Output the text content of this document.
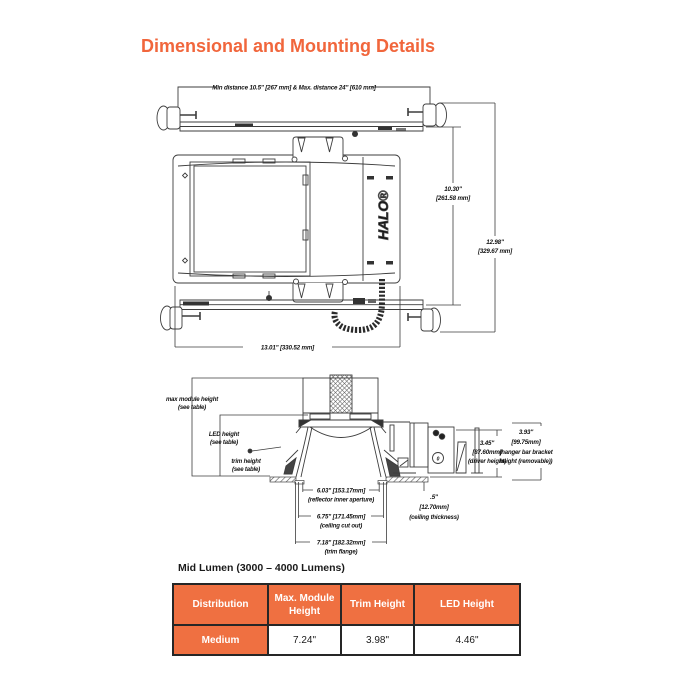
Dimensional and Mounting Details
Min distance 10.5" [267 mm] & Max. distance 24" [610 mm]
HALO®
10.30"
[261.58 mm]
12.98"
[329.67 mm]
13.01" [330.52 mm]
0
max module height
(see table)
LED height
(see table)
trim height
(see table)
3.45"
[87.60mm]
(driver height)
3.93"
[99.75mm]
(hanger bar bracket
height (removable))
.5"
[12.70mm]
(ceiling thickness)
6.03" [153.17mm]
(reflector inner aperture)
6.75" [171.45mm]
(ceiling cut out)
7.18" [182.32mm]
(trim flange)
Mid Lumen (3000 – 4000 Lumens)
Distribution	Max. Module Height	Trim Height	LED Height
Medium	7.24"	3.98"	4.46"
